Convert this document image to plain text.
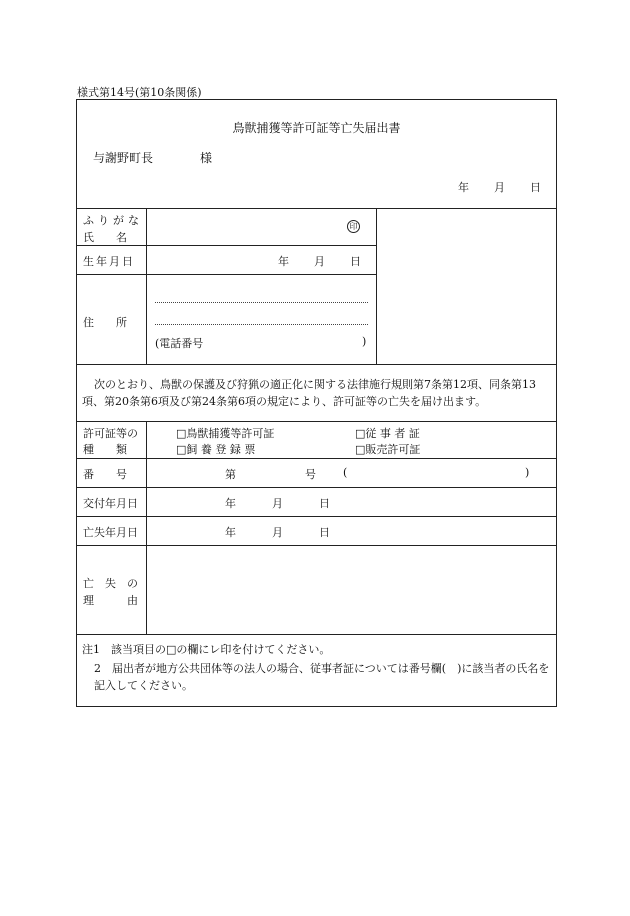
様式第14号(第10条関係)
鳥獣捕獲等許可証等亡失届出書
与謝野町長	様
年 月 日
ふりがな
氏　　名
印
生年月日	年 月 日
住　　所
(電話番号	)
次のとおり、鳥獣の保護及び狩猟の適正化に関する法律施行規則第7条第12項、同条第13項、第20条第6項及び第24条第6項の規定により、許可証等の亡失を届け出ます。
許可証等の
種　　類
□鳥獣捕獲等許可証	□従 事 者 証
□飼 養 登 録 票	□販売許可証
番　　号	第	号 (	)
交付年月日	年	月	日
亡失年月日	年	月	日
亡　失　の
理　　　由
注1　該当項目の□の欄にレ印を付けてください。
2　届出者が地方公共団体等の法人の場合、従事者証については番号欄(　)に該当者の氏名を記入してください。
